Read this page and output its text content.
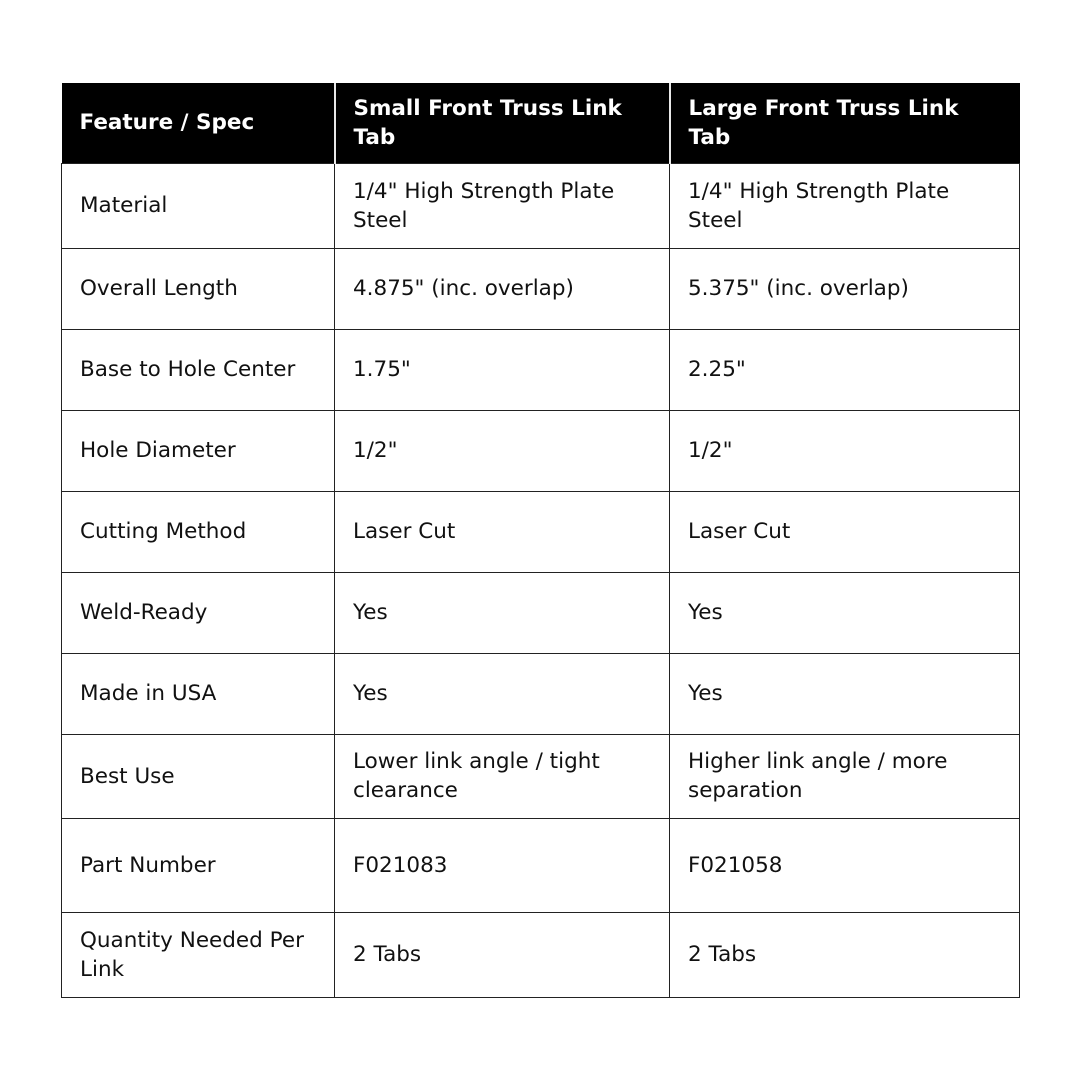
Feature / Spec	Small Front Truss Link Tab	Large Front Truss Link Tab
Material	1/4" High Strength Plate Steel	1/4" High Strength Plate Steel
Overall Length	4.875" (inc. overlap)	5.375" (inc. overlap)
Base to Hole Center	1.75"	2.25"
Hole Diameter	1/2"	1/2"
Cutting Method	Laser Cut	Laser Cut
Weld-Ready	Yes	Yes
Made in USA	Yes	Yes
Best Use	Lower link angle / tight clearance	Higher link angle / more separation
Part Number	F021083	F021058
Quantity Needed Per Link	2 Tabs	2 Tabs
